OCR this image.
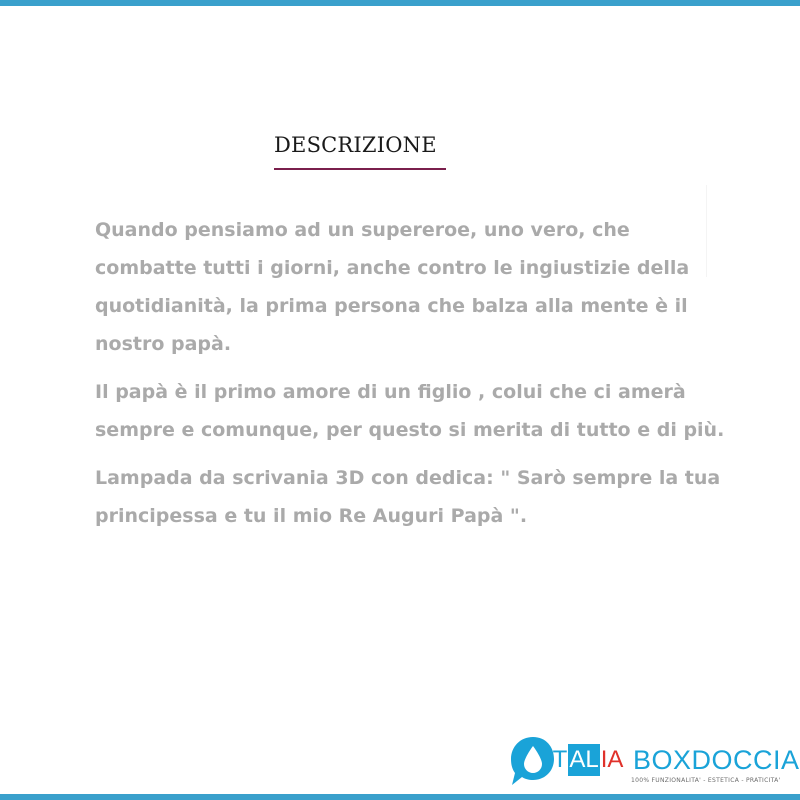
DESCRIZIONE

Quando pensiamo ad un supereroe, uno vero, che combatte tutti i giorni, anche contro le ingiustizie della quotidianità, la prima persona che balza alla mente è il nostro papà.

Il papà è il primo amore di un figlio , colui che ci amerà sempre e comunque, per questo si merita di tutto e di più.

Lampada da scrivania 3D con dedica: " Sarò sempre la tua principessa e tu il mio Re Auguri Papà ".

ITALIA BOXDOCCIA
100% FUNZIONALITA' - ESTETICA - PRATICITA'
